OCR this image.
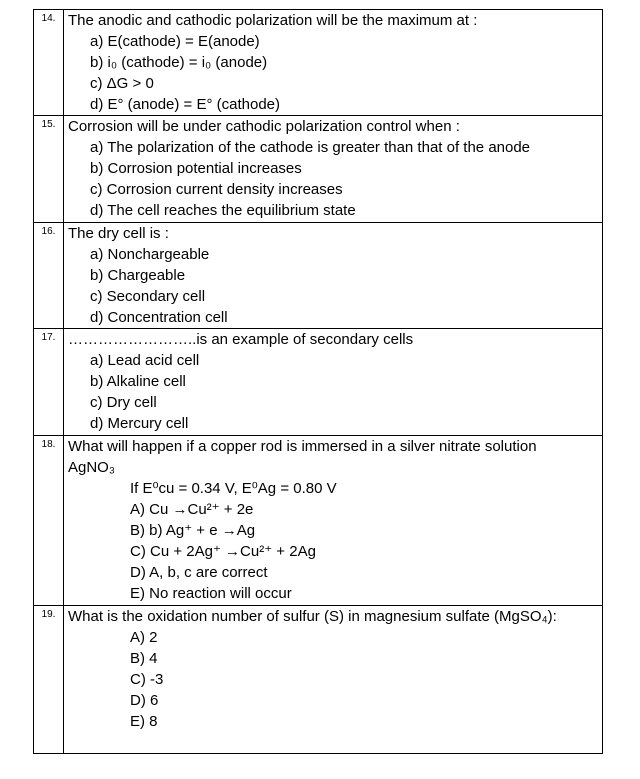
14. The anodic and cathodic polarization will be the maximum at :
a) E(cathode) = E(anode)
b) i₀ (cathode) = i₀ (anode)
c) ΔG > 0
d) E° (anode) = E° (cathode)
15. Corrosion will be under cathodic polarization control when :
a) The polarization of the cathode is greater than that of the anode
b) Corrosion potential increases
c) Corrosion current density increases
d) The cell reaches the equilibrium state
16. The dry cell is :
a) Nonchargeable
b) Chargeable
c) Secondary cell
d) Concentration cell
17. ……………………..is an example of secondary cells
a) Lead acid cell
b) Alkaline cell
c) Dry cell
d) Mercury cell
18. What will happen if a copper rod is immersed in a silver nitrate solution
AgNO₃
If E⁰cu = 0.34 V, E⁰Ag = 0.80 V
A) Cu →Cu²⁺ + 2e
B) b) Ag⁺ + e →Ag
C) Cu + 2Ag⁺ →Cu²⁺ + 2Ag
D) A, b, c are correct
E) No reaction will occur
19. What is the oxidation number of sulfur (S) in magnesium sulfate (MgSO₄):
A) 2
B) 4
C) -3
D) 6
E) 8
